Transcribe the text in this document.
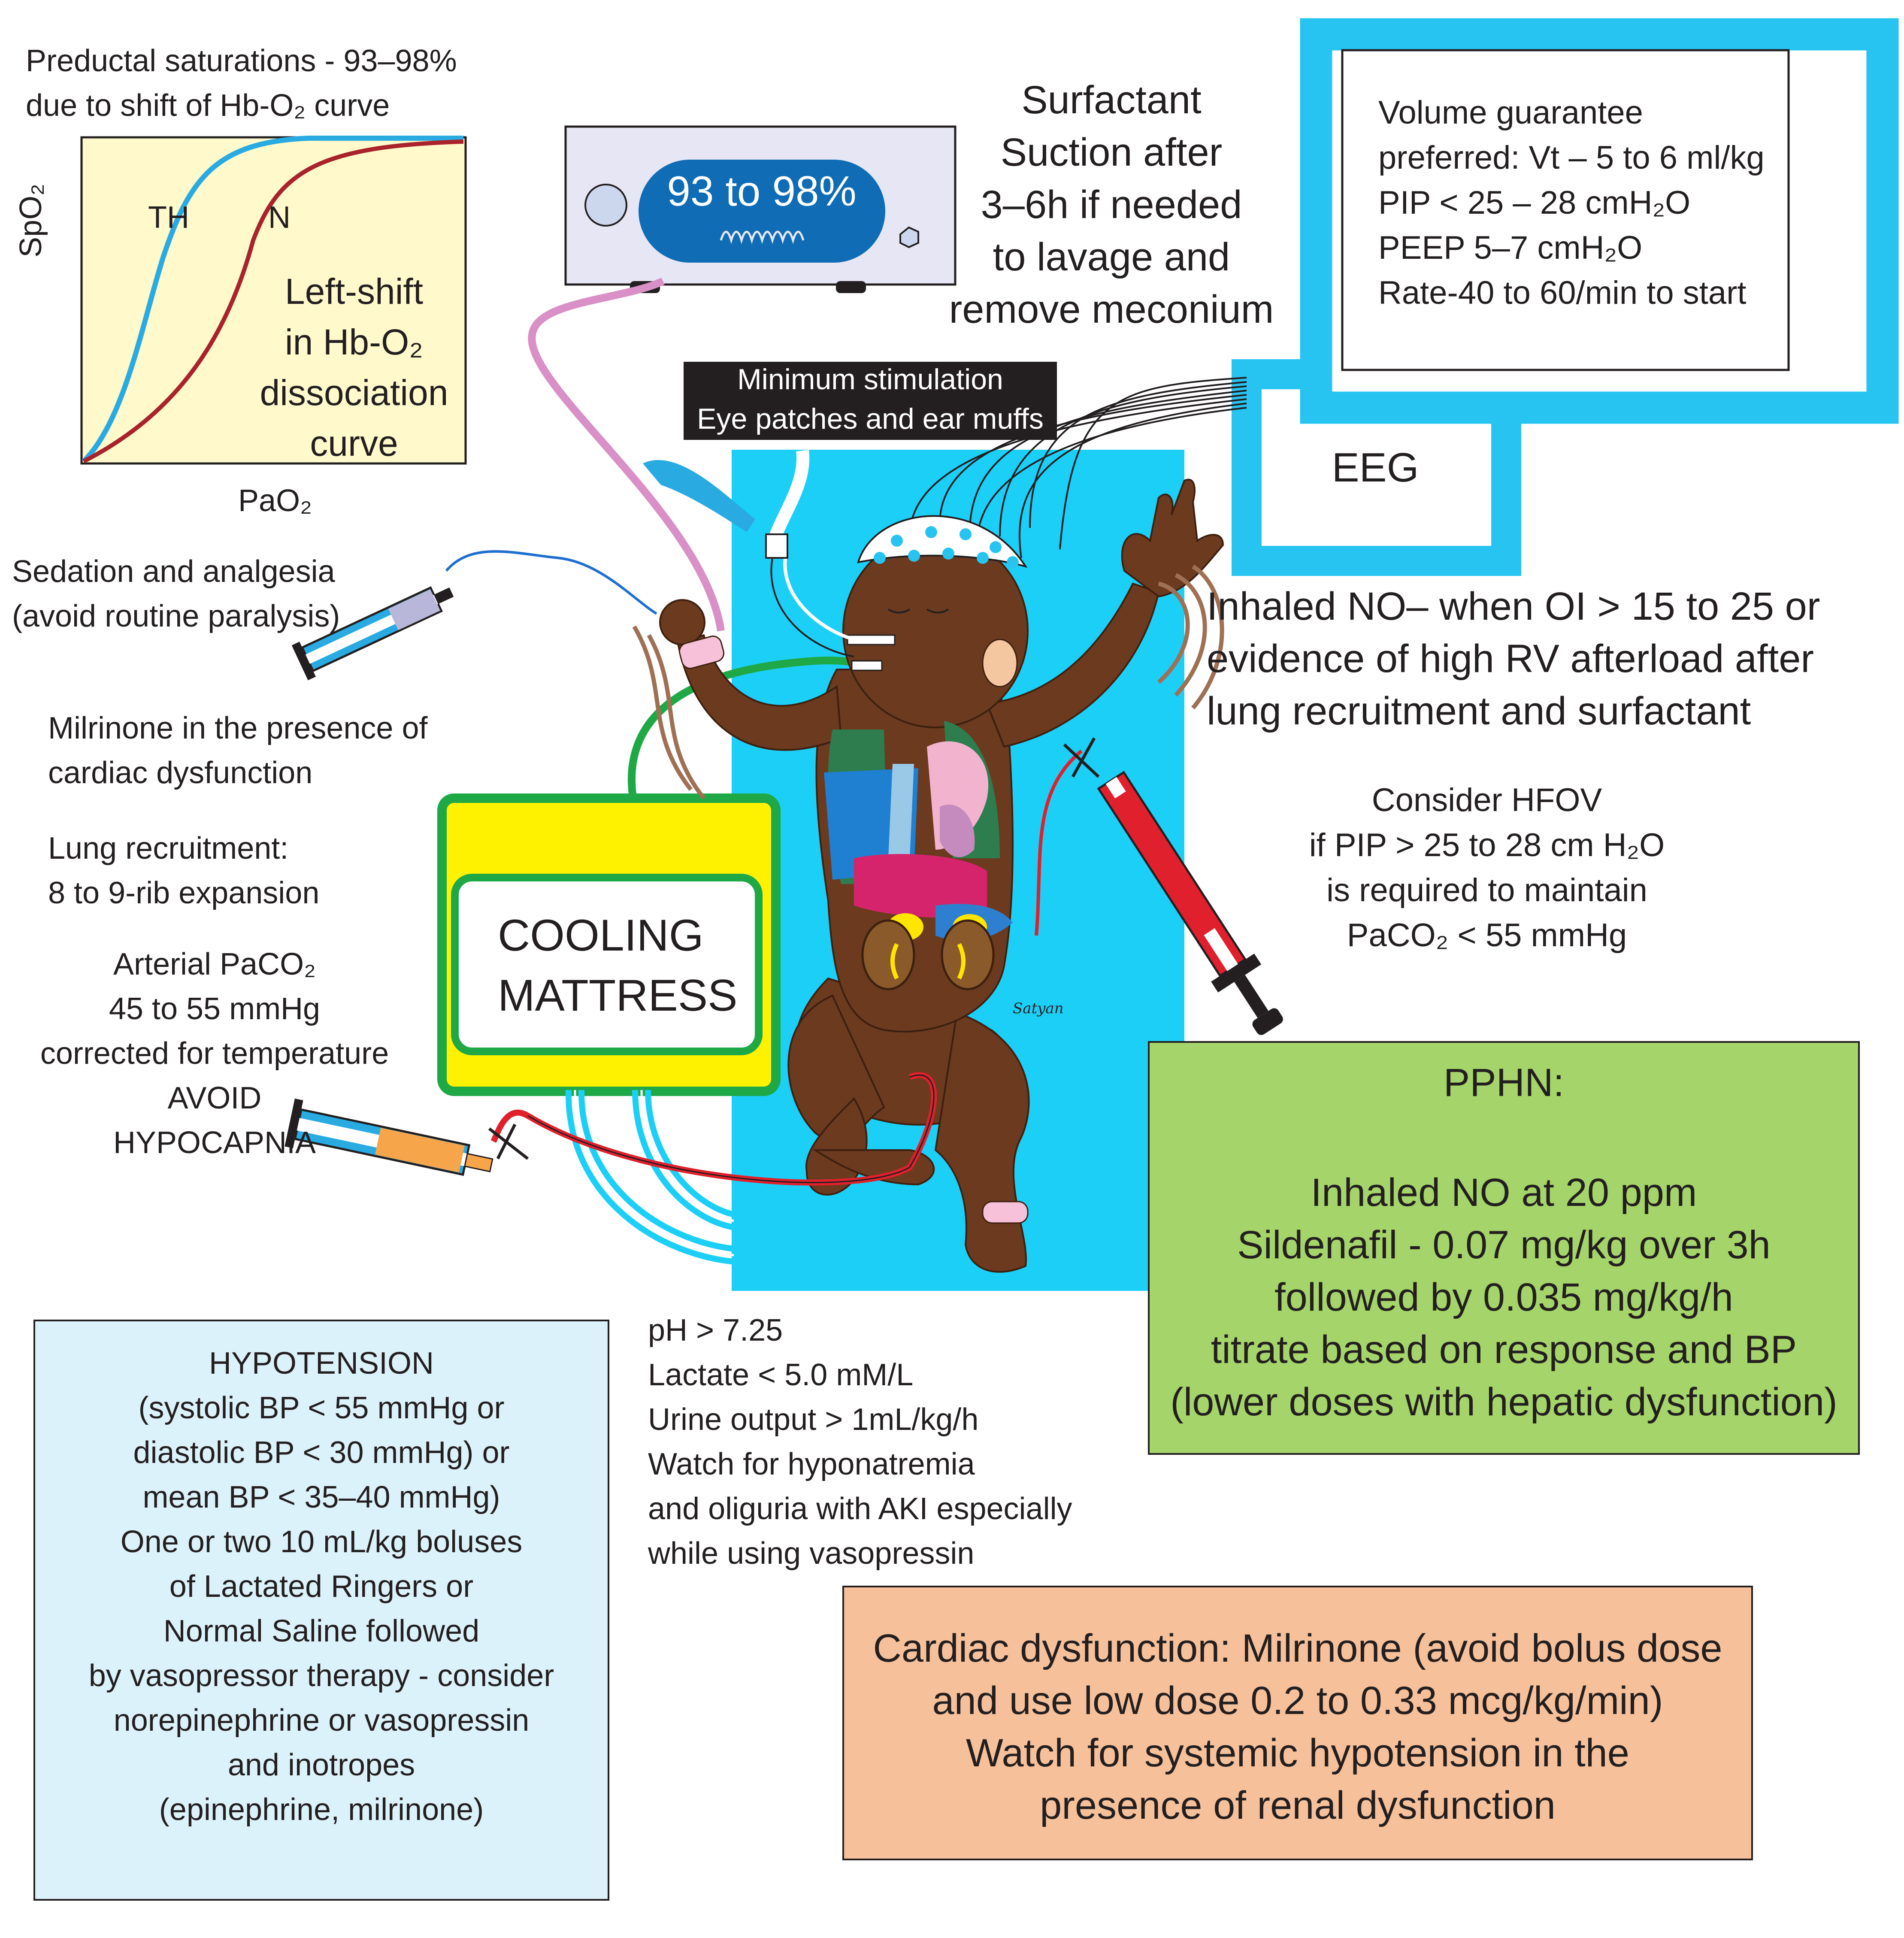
Preductal saturations - 93–98%
due to shift of Hb-O₂ curve
SpO₂
PaO₂
TH	N
Left-shift
in Hb-O₂
dissociation
curve
93 to 98%
Surfactant
Suction after
3–6h if needed
to lavage and
remove meconium
Minimum stimulation
Eye patches and ear muffs
Volume guarantee
preferred: Vt – 5 to 6 ml/kg
PIP < 25 – 28 cmH₂O
PEEP 5–7 cmH₂O
Rate-40 to 60/min to start
EEG
Inhaled NO– when OI > 15 to 25 or
evidence of high RV afterload after
lung recruitment and surfactant
Consider HFOV
if PIP > 25 to 28 cm H₂O
is required to maintain
PaCO₂ < 55 mmHg
Sedation and analgesia
(avoid routine paralysis)
Milrinone in the presence of
cardiac dysfunction
Lung recruitment:
8 to 9-rib expansion
Arterial PaCO₂
45 to 55 mmHg
corrected for temperature
AVOID
HYPOCAPNIA
COOLING
MATTRESS	Satyan
PPHN:
Inhaled NO at 20 ppm
Sildenafil - 0.07 mg/kg over 3h
followed by 0.035 mg/kg/h
titrate based on response and BP
(lower doses with hepatic dysfunction)
pH > 7.25
Lactate < 5.0 mM/L
Urine output > 1mL/kg/h
Watch for hyponatremia
and oliguria with AKI especially
while using vasopressin
HYPOTENSION
(systolic BP < 55 mmHg or
diastolic BP < 30 mmHg) or
mean BP < 35–40 mmHg)
One or two 10 mL/kg boluses
of Lactated Ringers or
Normal Saline followed
by vasopressor therapy - consider
norepinephrine or vasopressin
and inotropes
(epinephrine, milrinone)
Cardiac dysfunction: Milrinone (avoid bolus dose
and use low dose 0.2 to 0.33 mcg/kg/min)
Watch for systemic hypotension in the
presence of renal dysfunction
